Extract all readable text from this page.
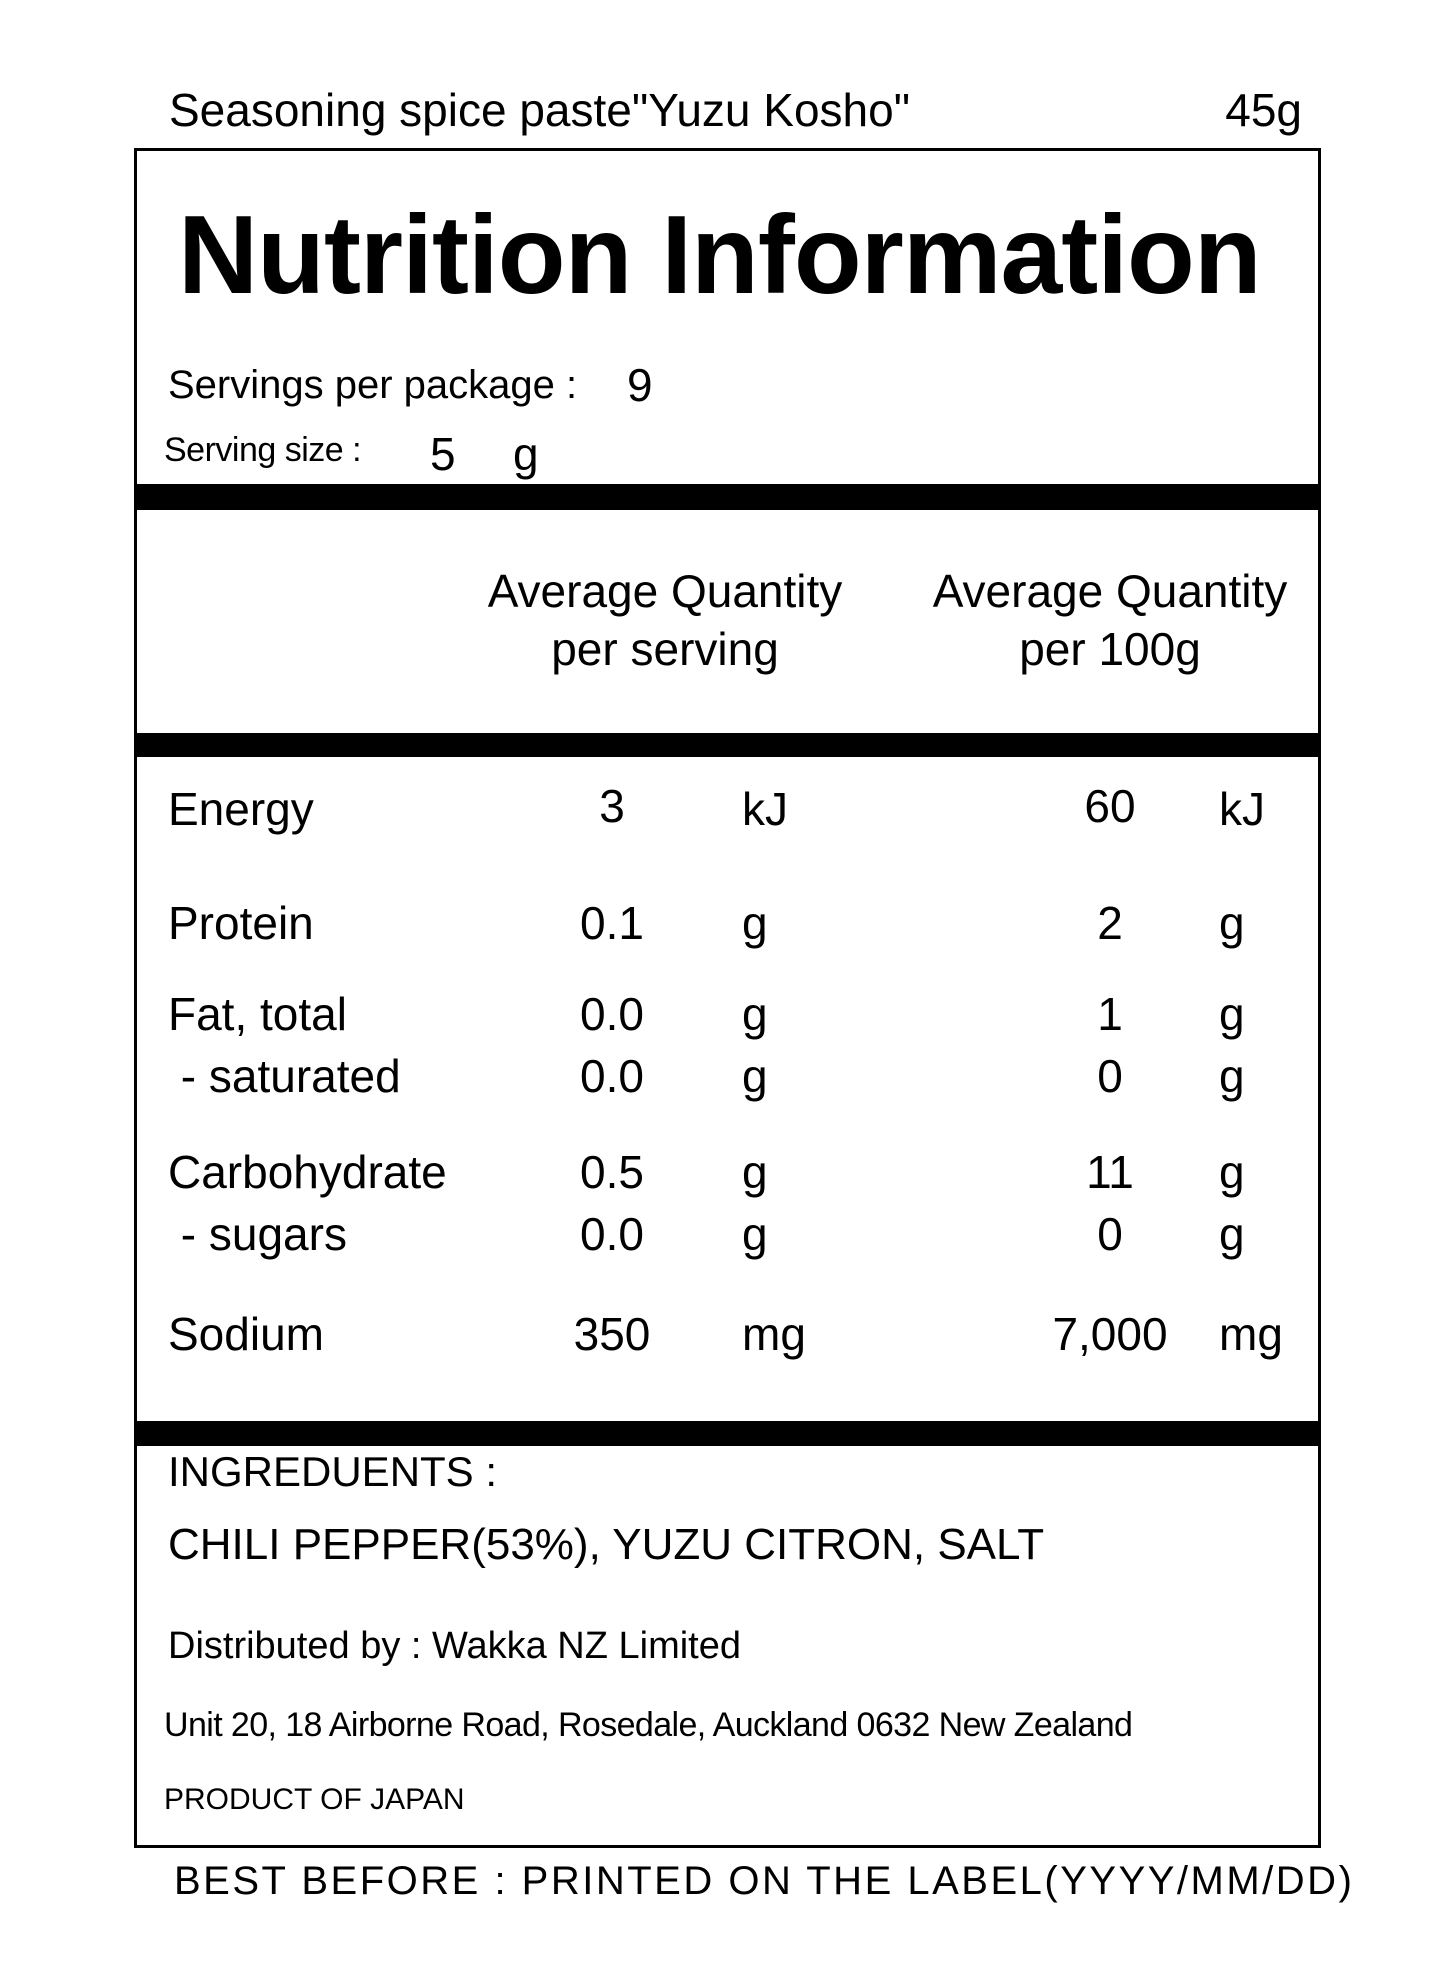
Seasoning spice paste"Yuzu Kosho"	45g
Nutrition Information
Servings per package : 9
Serving size : 5 g
Average Quantity
per serving
Average Quantity
per 100g
Energy	3	kJ	60	kJ
Protein	0.1	g	2	g
Fat, total	0.0	g	1	g
- saturated	0.0	g	0	g
Carbohydrate	0.5	g	11	g
- sugars	0.0	g	0	g
Sodium	350	mg	7,000	mg
INGREDUENTS :
CHILI PEPPER(53%), YUZU CITRON, SALT
Distributed by : Wakka NZ Limited
Unit 20, 18 Airborne Road, Rosedale, Auckland 0632 New Zealand
PRODUCT OF JAPAN
BEST BEFORE : PRINTED ON THE LABEL(YYYY/MM/DD)
